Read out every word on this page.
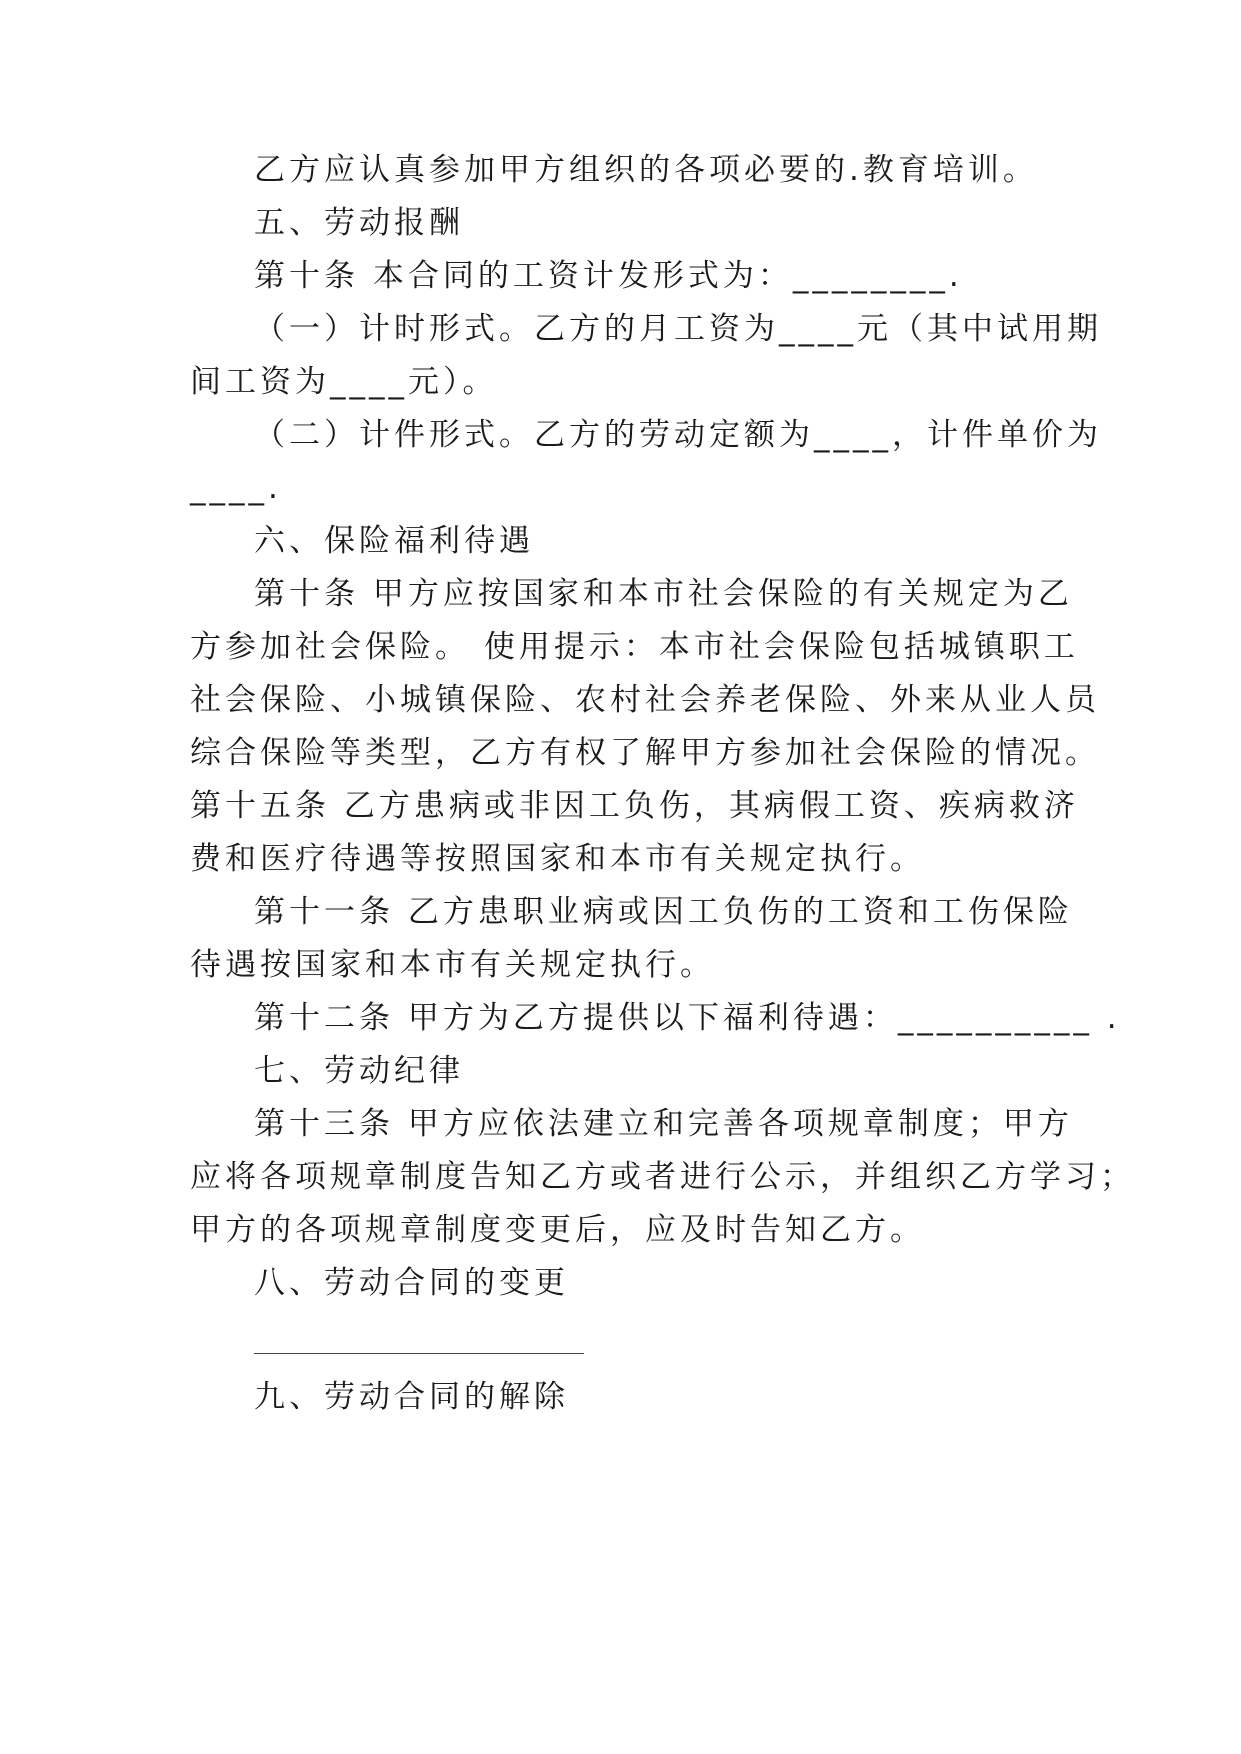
乙方应认真参加甲方组织的各项必要的.教育培训。
五、劳动报酬
第十条 本合同的工资计发形式为：________.
（一）计时形式。乙方的月工资为____元（其中试用期
间工资为____元）。
（二）计件形式。乙方的劳动定额为____，计件单价为
____.
六、保险福利待遇
第十条 甲方应按国家和本市社会保险的有关规定为乙
方参加社会保险。 使用提示：本市社会保险包括城镇职工
社会保险、小城镇保险、农村社会养老保险、外来从业人员
综合保险等类型，乙方有权了解甲方参加社会保险的情况。
第十五条 乙方患病或非因工负伤，其病假工资、疾病救济
费和医疗待遇等按照国家和本市有关规定执行。
第十一条 乙方患职业病或因工负伤的工资和工伤保险
待遇按国家和本市有关规定执行。
第十二条 甲方为乙方提供以下福利待遇：__________ .
七、劳动纪律
第十三条 甲方应依法建立和完善各项规章制度；甲方
应将各项规章制度告知乙方或者进行公示，并组织乙方学习；
甲方的各项规章制度变更后，应及时告知乙方。
八、劳动合同的变更
九、劳动合同的解除
